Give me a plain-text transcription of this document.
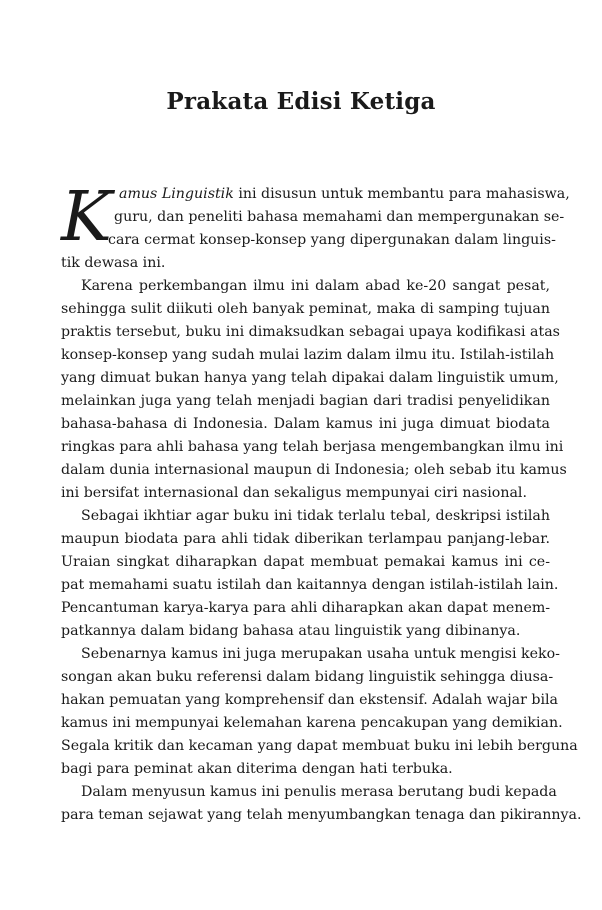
Prakata Edisi Ketiga
K amus Linguistik ini disusun untuk membantu para mahasiswa,
guru, dan peneliti bahasa memahami dan mempergunakan se-
cara cermat konsep-konsep yang dipergunakan dalam linguis-
tik dewasa ini.
Karena perkembangan ilmu ini dalam abad ke-20 sangat pesat,
sehingga sulit diikuti oleh banyak peminat, maka di samping tujuan
praktis tersebut, buku ini dimaksudkan sebagai upaya kodifikasi atas
konsep-konsep yang sudah mulai lazim dalam ilmu itu. Istilah-istilah
yang dimuat bukan hanya yang telah dipakai dalam linguistik umum,
melainkan juga yang telah menjadi bagian dari tradisi penyelidikan
bahasa-bahasa di Indonesia. Dalam kamus ini juga dimuat biodata
ringkas para ahli bahasa yang telah berjasa mengembangkan ilmu ini
dalam dunia internasional maupun di Indonesia; oleh sebab itu kamus
ini bersifat internasional dan sekaligus mempunyai ciri nasional.
Sebagai ikhtiar agar buku ini tidak terlalu tebal, deskripsi istilah
maupun biodata para ahli tidak diberikan terlampau panjang-lebar.
Uraian singkat diharapkan dapat membuat pemakai kamus ini ce-
pat memahami suatu istilah dan kaitannya dengan istilah-istilah lain.
Pencantuman karya-karya para ahli diharapkan akan dapat menem-
patkannya dalam bidang bahasa atau linguistik yang dibinanya.
Sebenarnya kamus ini juga merupakan usaha untuk mengisi keko-
songan akan buku referensi dalam bidang linguistik sehingga diusa-
hakan pemuatan yang komprehensif dan ekstensif. Adalah wajar bila
kamus ini mempunyai kelemahan karena pencakupan yang demikian.
Segala kritik dan kecaman yang dapat membuat buku ini lebih berguna
bagi para peminat akan diterima dengan hati terbuka.
Dalam menyusun kamus ini penulis merasa berutang budi kepada
para teman sejawat yang telah menyumbangkan tenaga dan pikirannya.
